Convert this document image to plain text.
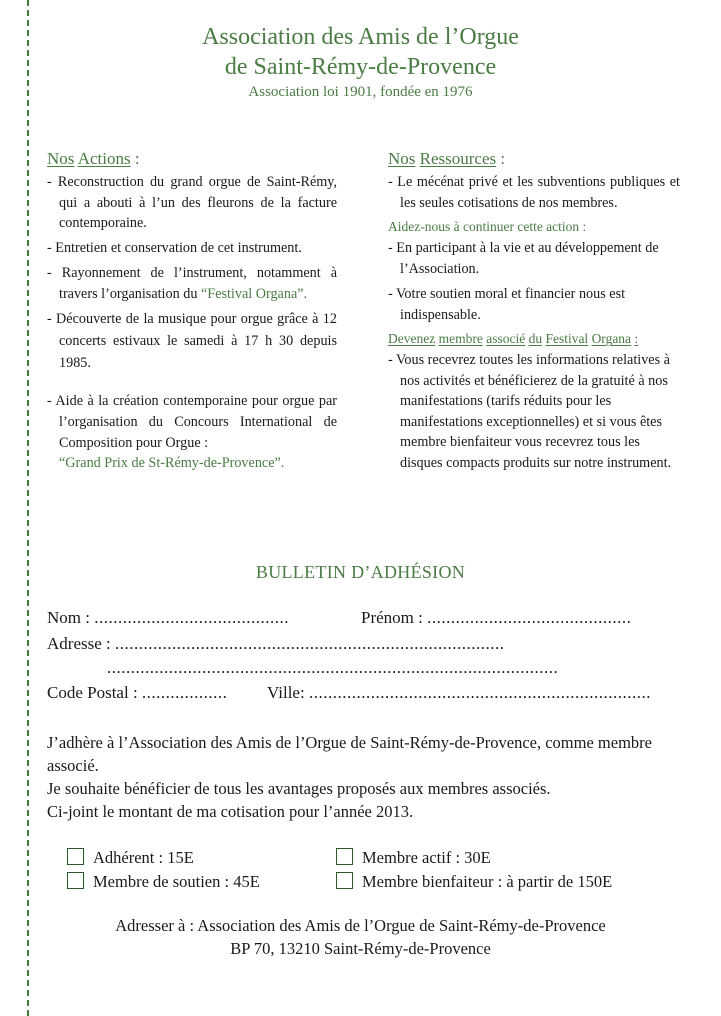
Association des Amis de l’Orgue
de Saint-Rémy-de-Provence
Association loi 1901, fondée en 1976
Nos Actions :
- Reconstruction du grand orgue de Saint-Rémy, qui a abouti à l’un des fleurons de la facture contemporaine.
- Entretien et conservation de cet instrument.
- Rayonnement de l’instrument, notamment à travers l’organisation du “Festival Organa”.
- Découverte de la musique pour orgue grâce à 12 concerts estivaux le samedi à 17 h 30 depuis 1985.
- Aide à la création contemporaine pour orgue par l’organisation du Concours International de Composition pour Orgue :
“Grand Prix de St-Rémy-de-Provence”.
Nos Ressources :
- Le mécénat privé et les subventions publiques et les seules cotisations de nos membres.
Aidez-nous à continuer cette action :
- En participant à la vie et au développement de l’Association.
- Votre soutien moral et financier nous est indispensable.
Devenez membre associé du Festival Organa :
- Vous recevrez toutes les informations relatives à nos activités et bénéficierez de la gratuité à nos manifestations (tarifs réduits pour les manifestations exceptionnelles) et si vous êtes membre bienfaiteur vous recevrez tous les disques compacts produits sur notre instrument.
BULLETIN D’ADHÉSION
Nom : .........................................	Prénom : ...........................................
Adresse : ..................................................................................
...............................................................................................
Code Postal : .................. Ville: ........................................................................
J’adhère à l’Association des Amis de l’Orgue de Saint-Rémy-de-Provence, comme membre associé.
Je souhaite bénéficier de tous les avantages proposés aux membres associés.
Ci-joint le montant de ma cotisation pour l’année 2013.
Adhérent : 15E	Membre actif : 30E
Membre de soutien : 45E	Membre bienfaiteur : à partir de 150E
Adresser à : Association des Amis de l’Orgue de Saint-Rémy-de-Provence
BP 70, 13210 Saint-Rémy-de-Provence
